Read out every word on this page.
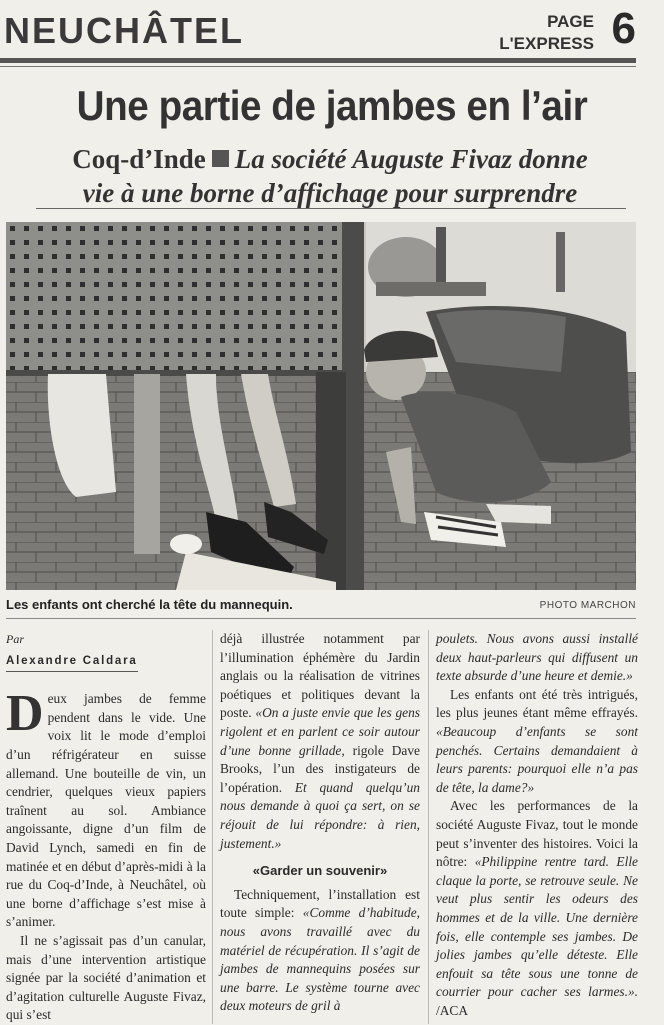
NEUCHÂTEL	PAGE
L'EXPRESS 6
Une partie de jambes en l’air
Coq-d’Inde La société Auguste Fivaz donne
vie à une borne d’affichage pour surprendre
Les enfants ont cherché la tête du mannequin.	PHOTO MARCHON
Par
Alexandre Caldara

Deux jambes de femme pendent dans le vide. Une voix lit le mode d’emploi d’un réfrigérateur en suisse allemand. Une bouteille de vin, un cendrier, quelques vieux papiers traînent au sol. Ambiance angoissante, digne d’un film de David Lynch, samedi en fin de matinée et en début d’après-midi à la rue du Coq-d’Inde, à Neuchâtel, où une borne d’affichage s’est mise à s’animer.

Il ne s’agissait pas d’un canular, mais d’une intervention artistique signée par la société d’animation et d’agitation culturelle Auguste Fivaz, qui s’est

déjà illustrée notamment par l’illumination éphémère du Jardin anglais ou la réalisation de vitrines poétiques et politiques devant la poste. «On a juste envie que les gens rigolent et en parlent ce soir autour d’une bonne grillade, rigole Dave Brooks, l’un des instigateurs de l’opération. Et quand quelqu’un nous demande à quoi ça sert, on se réjouit de lui répondre: à rien, justement.»

«Garder un souvenir»

Techniquement, l’installation est toute simple: «Comme d’habitude, nous avons travaillé avec du matériel de récupération. Il s’agit de jambes de mannequins posées sur une barre. Le système tourne avec deux moteurs de gril à

poulets. Nous avons aussi installé deux haut-parleurs qui diffusent un texte absurde d’une heure et demie.»

Les enfants ont été très intrigués, les plus jeunes étant même effrayés. «Beaucoup d’enfants se sont penchés. Certains demandaient à leurs parents: pourquoi elle n’a pas de tête, la dame?»

Avec les performances de la société Auguste Fivaz, tout le monde peut s’inventer des histoires. Voici la nôtre: «Philippine rentre tard. Elle claque la porte, se retrouve seule. Ne veut plus sentir les odeurs des hommes et de la ville. Une dernière fois, elle contemple ses jambes. De jolies jambes qu’elle déteste. Elle enfouit sa tête sous une tonne de courrier pour cacher ses larmes.». /ACA
